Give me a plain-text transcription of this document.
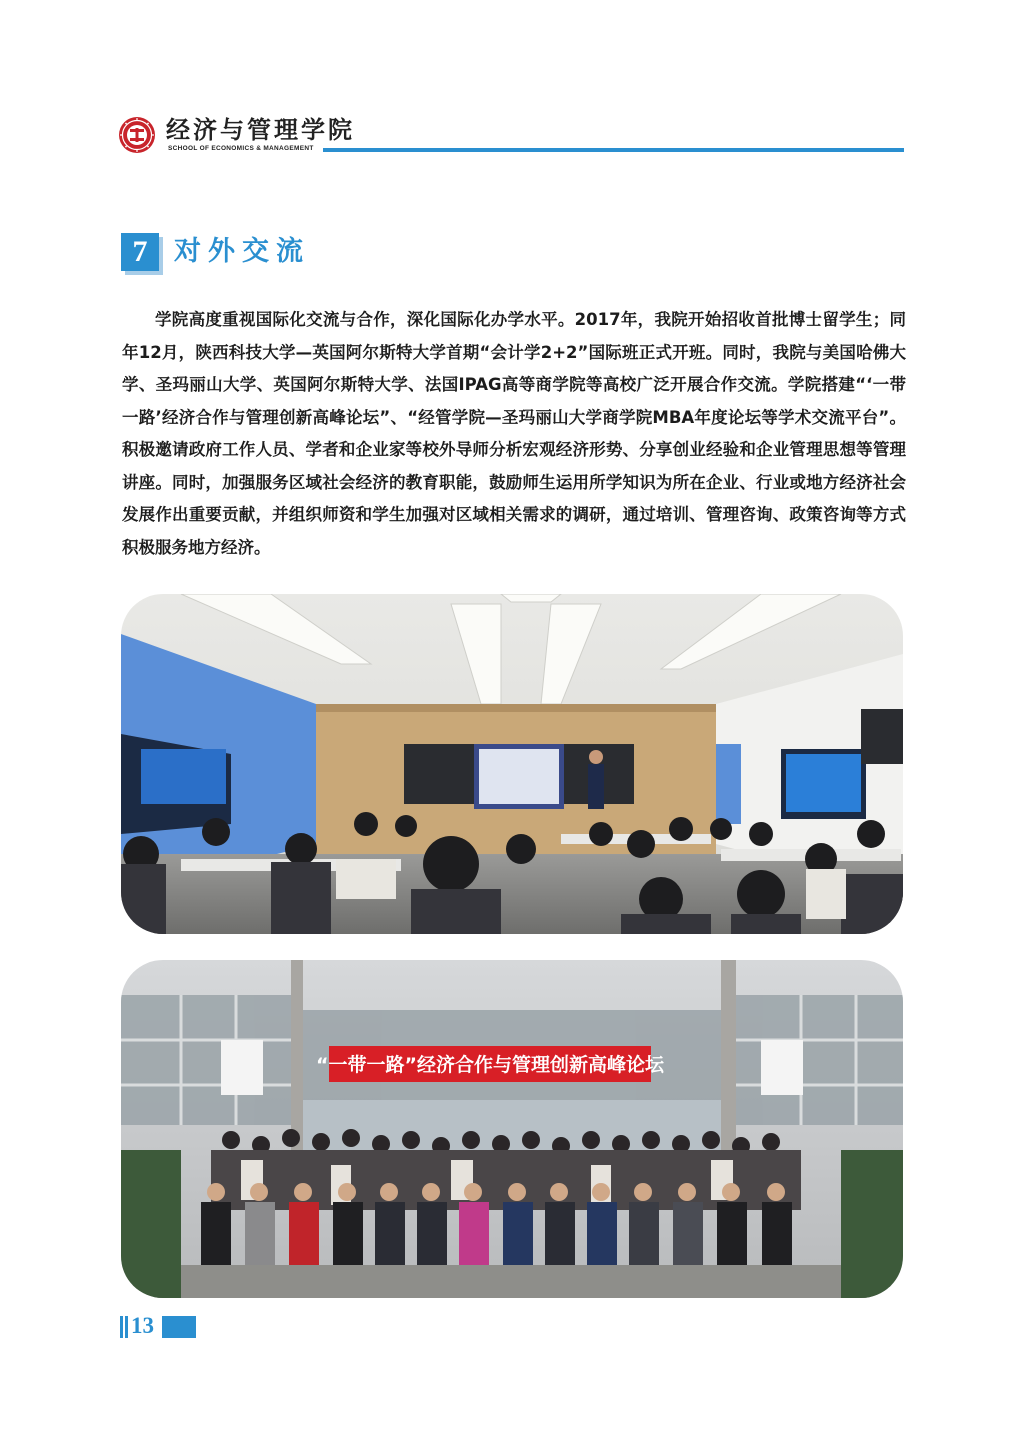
经济与管理学院
SCHOOL OF ECONOMICS & MANAGEMENT
7 对外交流

学院高度重视国际化交流与合作，深化国际化办学水平。2017年，我院开始招收首批博士留学生；同年12月，陕西科技大学—英国阿尔斯特大学首期“会计学2+2”国际班正式开班。同时，我院与美国哈佛大学、圣玛丽山大学、英国阿尔斯特大学、法国IPAG高等商学院等高校广泛开展合作交流。学院搭建“‘一带一路’经济合作与管理创新高峰论坛”、“经管学院—圣玛丽山大学商学院MBA年度论坛等学术交流平台”。积极邀请政府工作人员、学者和企业家等校外导师分析宏观经济形势、分享创业经验和企业管理思想等管理讲座。同时，加强服务区域社会经济的教育职能，鼓励师生运用所学知识为所在企业、行业或地方经济社会发展作出重要贡献，并组织师资和学生加强对区域相关需求的调研，通过培训、管理咨询、政策咨询等方式积极服务地方经济。

“一带一路”经济合作与管理创新高峰论坛
13
